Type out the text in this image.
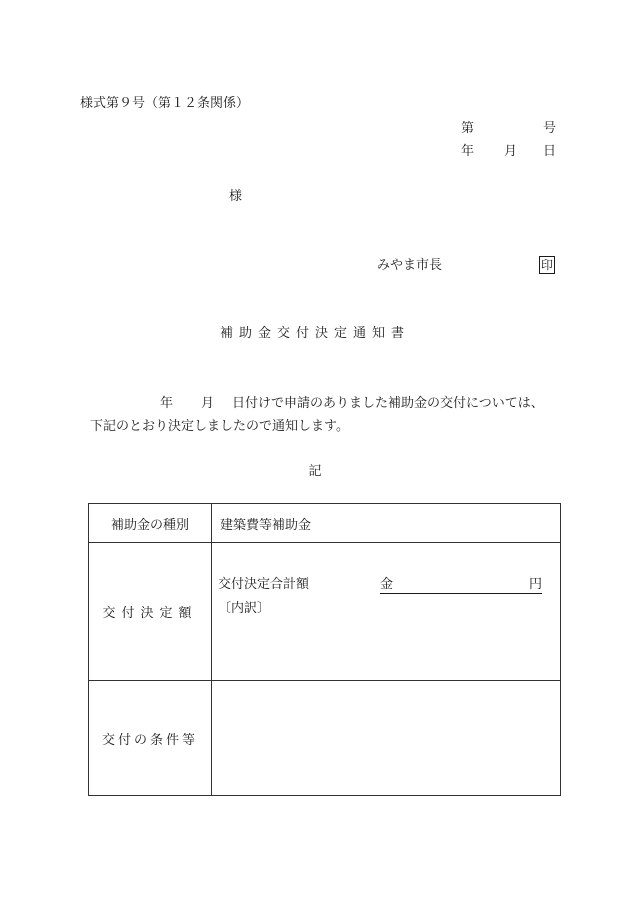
様式第９号（第１２条関係）
第	号
年 月 日
様
みやま市長	印
補助金交付決定通知書
年 月 日付けで申請のありました補助金の交付については、
下記のとおり決定しましたので通知します。
記
補助金の種別	建築費等補助金
交付決定額	交付決定合計額 金 円
〔内訳〕

交付の条件等	
